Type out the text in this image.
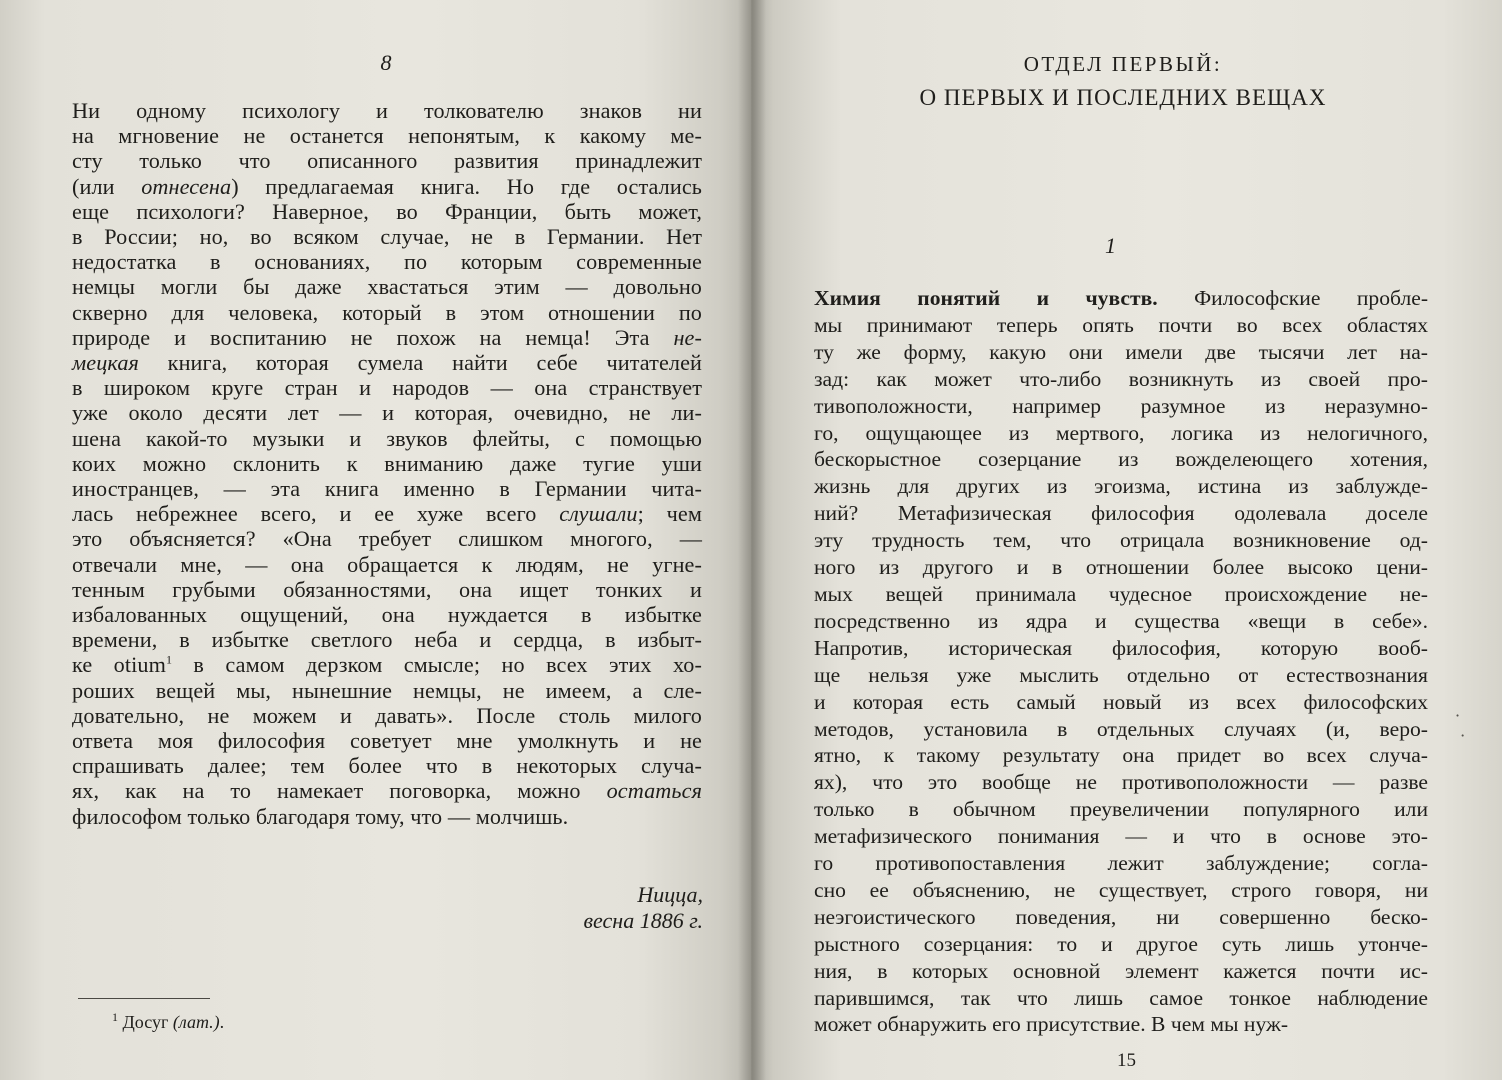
8
Ни одному психологу и толкователю знаков ни
на мгновение не останется непонятым, к какому ме-
сту только что описанного развития принадлежит
(или отнесена) предлагаемая книга. Но где остались
еще психологи? Наверное, во Франции, быть может,
в России; но, во всяком случае, не в Германии. Нет
недостатка в основаниях, по которым современные
немцы могли бы даже хвастаться этим — довольно
скверно для человека, который в этом отношении по
природе и воспитанию не похож на немца! Эта не-
мецкая книга, которая сумела найти себе читателей
в широком круге стран и народов — она странствует
уже около десяти лет — и которая, очевидно, не ли-
шена какой-то музыки и звуков флейты, с помощью
коих можно склонить к вниманию даже тугие уши
иностранцев, — эта книга именно в Германии чита-
лась небрежнее всего, и ее хуже всего слушали; чем
это объясняется? «Она требует слишком многого, —
отвечали мне, — она обращается к людям, не угне-
тенным грубыми обязанностями, она ищет тонких и
избалованных ощущений, она нуждается в избытке
времени, в избытке светлого неба и сердца, в избыт-
ке otium$^1$ в самом дерзком смысле; но всех этих хо-
роших вещей мы, нынешние немцы, не имеем, а сле-
довательно, не можем и давать». После столь милого
ответа моя философия советует мне умолкнуть и не
спрашивать далее; тем более что в некоторых случа-
ях, как на то намекает поговорка, можно остаться
философом только благодаря тому, что — молчишь.
Ницца,
весна 1886 г.
$^1$ Досуг (лат.).
ОТДЕЛ ПЕРВЫЙ:
О ПЕРВЫХ И ПОСЛЕДНИХ ВЕЩАХ
1
Химия понятий и чувств. Философские пробле-
мы принимают теперь опять почти во всех областях
ту же форму, какую они имели две тысячи лет на-
зад: как может что-либо возникнуть из своей про-
тивоположности, например разумное из неразумно-
го, ощущающее из мертвого, логика из нелогичного,
бескорыстное созерцание из вожделеющего хотения,
жизнь для других из эгоизма, истина из заблужде-
ний? Метафизическая философия одолевала доселе
эту трудность тем, что отрицала возникновение од-
ного из другого и в отношении более высоко цени-
мых вещей принимала чудесное происхождение не-
посредственно из ядра и существа «вещи в себе».
Напротив, историческая философия, которую вооб-
ще нельзя уже мыслить отдельно от естествознания
и которая есть самый новый из всех философских
методов, установила в отдельных случаях (и, веро-
ятно, к такому результату она придет во всех случа-
ях), что это вообще не противоположности — разве
только в обычном преувеличении популярного или
метафизического понимания — и что в основе это-
го противопоставления лежит заблуждение; согла-
сно ее объяснению, не существует, строго говоря, ни
неэгоистического поведения, ни совершенно беско-
рыстного созерцания: то и другое суть лишь утонче-
ния, в которых основной элемент кажется почти ис-
парившимся, так что лишь самое тонкое наблюдение
может обнаружить его присутствие. В чем мы нуж-
15
·
·
